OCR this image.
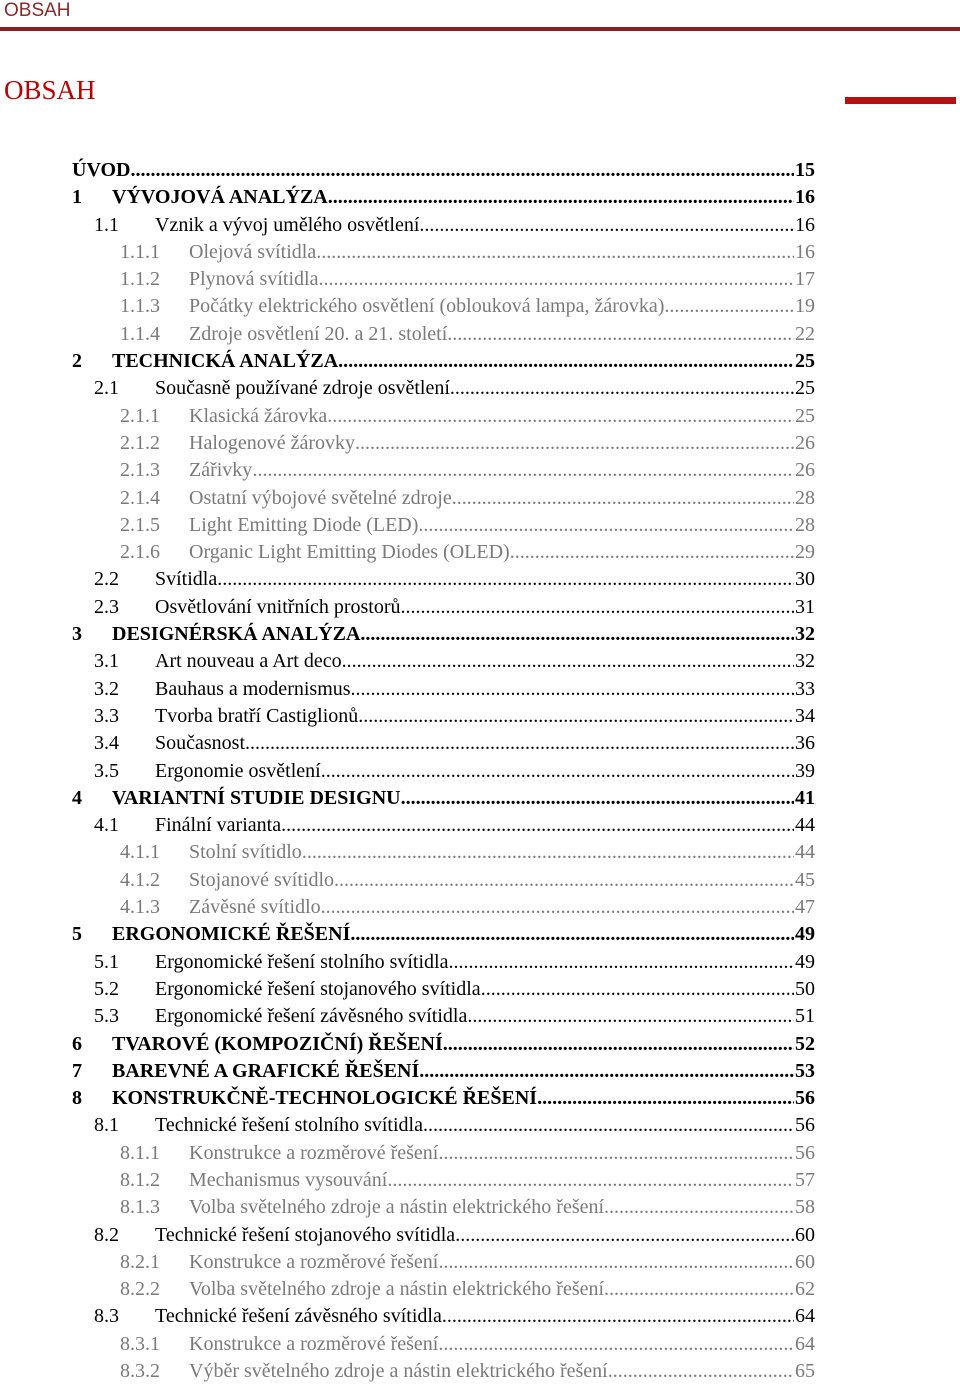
OBSAH
OBSAH
ÚVOD .....	15
1 VÝVOJOVÁ ANALÝZA .....	16
1.1 Vznik a vývoj umělého osvětlení .....	16
1.1.1 Olejová svítidla .....	16
1.1.2 Plynová svítidla .....	17
1.1.3 Počátky elektrického osvětlení (oblouková lampa, žárovka) .....	19
1.1.4 Zdroje osvětlení 20. a 21. století .....	22
2 TECHNICKÁ ANALÝZA .....	25
2.1 Současně používané zdroje osvětlení .....	25
2.1.1 Klasická žárovka .....	25
2.1.2 Halogenové žárovky .....	26
2.1.3 Zářivky .....	26
2.1.4 Ostatní výbojové světelné zdroje .....	28
2.1.5 Light Emitting Diode (LED) .....	28
2.1.6 Organic Light Emitting Diodes (OLED) .....	29
2.2 Svítidla .....	30
2.3 Osvětlování vnitřních prostorů .....	31
3 DESIGNÉRSKÁ ANALÝZA .....	32
3.1 Art nouveau a Art deco .....	32
3.2 Bauhaus a modernismus .....	33
3.3 Tvorba bratří Castiglionů .....	34
3.4 Současnost .....	36
3.5 Ergonomie osvětlení .....	39
4 VARIANTNÍ STUDIE DESIGNU .....	41
4.1 Finální varianta .....	44
4.1.1 Stolní svítidlo .....	44
4.1.2 Stojanové svítidlo .....	45
4.1.3 Závěsné svítidlo .....	47
5 ERGONOMICKÉ ŘEŠENÍ .....	49
5.1 Ergonomické řešení stolního svítidla .....	49
5.2 Ergonomické řešení stojanového svítidla .....	50
5.3 Ergonomické řešení závěsného svítidla .....	51
6 TVAROVÉ (KOMPOZIČNÍ) ŘEŠENÍ .....	52
7 BAREVNÉ A GRAFICKÉ ŘEŠENÍ .....	53
8 KONSTRUKČNĚ-TECHNOLOGICKÉ ŘEŠENÍ .....	56
8.1 Technické řešení stolního svítidla .....	56
8.1.1 Konstrukce a rozměrové řešení .....	56
8.1.2 Mechanismus vysouvání .....	57
8.1.3 Volba světelného zdroje a nástin elektrického řešení .....	58
8.2 Technické řešení stojanového svítidla .....	60
8.2.1 Konstrukce a rozměrové řešení .....	60
8.2.2 Volba světelného zdroje a nástin elektrického řešení .....	62
8.3 Technické řešení závěsného svítidla .....	64
8.3.1 Konstrukce a rozměrové řešení .....	64
8.3.2 Výběr světelného zdroje a nástin elektrického řešení .....	65
